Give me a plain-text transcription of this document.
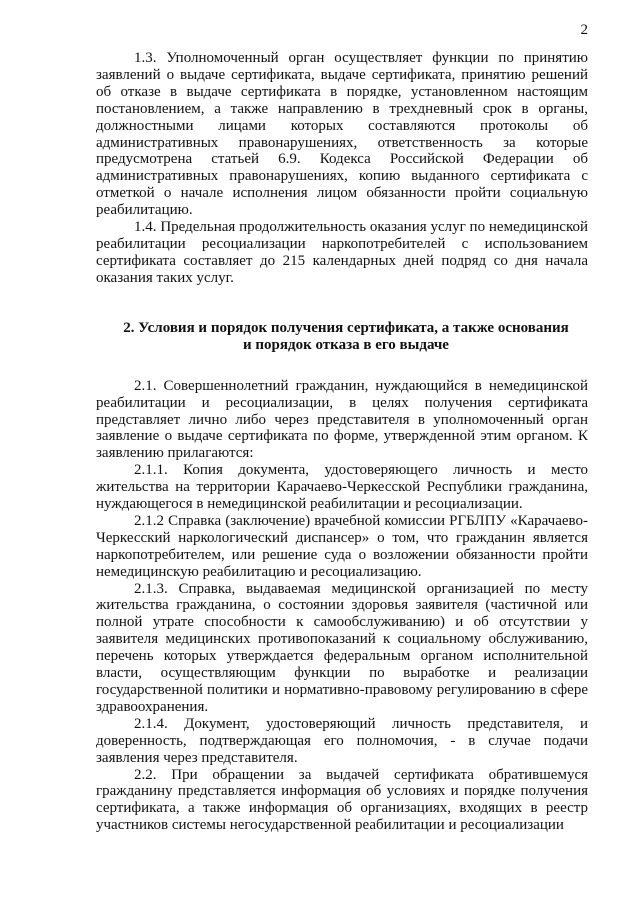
2

1.3. Уполномоченный орган осуществляет функции по принятию заявлений о выдаче сертификата, выдаче сертификата, принятию решений об отказе в выдаче сертификата в порядке, установленном настоящим постановлением, а также направлению в трехдневный срок в органы, должностными лицами которых составляются протоколы об административных правонарушениях, ответственность за которые предусмотрена статьей 6.9. Кодекса Российской Федерации об административных правонарушениях, копию выданного сертификата с отметкой о начале исполнения лицом обязанности пройти социальную реабилитацию.

1.4. Предельная продолжительность оказания услуг по немедицинской реабилитации ресоциализации наркопотребителей с использованием сертификата составляет до 215 календарных дней подряд со дня начала оказания таких услуг.

2. Условия и порядок получения сертификата, а также основания и порядок отказа в его выдаче

2.1. Совершеннолетний гражданин, нуждающийся в немедицинской реабилитации и ресоциализации, в целях получения сертификата представляет лично либо через представителя в уполномоченный орган заявление о выдаче сертификата по форме, утвержденной этим органом. К заявлению прилагаются:

2.1.1. Копия документа, удостоверяющего личность и место жительства на территории Карачаево-Черкесской Республики гражданина, нуждающегося в немедицинской реабилитации и ресоциализации.

2.1.2 Справка (заключение) врачебной комиссии РГБЛПУ «Карачаево-Черкесский наркологический диспансер» о том, что гражданин является наркопотребителем, или решение суда о возложении обязанности пройти немедицинскую реабилитацию и ресоциализацию.

2.1.3. Справка, выдаваемая медицинской организацией по месту жительства гражданина, о состоянии здоровья заявителя (частичной или полной утрате способности к самообслуживанию) и об отсутствии у заявителя медицинских противопоказаний к социальному обслуживанию, перечень которых утверждается федеральным органом исполнительной власти, осуществляющим функции по выработке и реализации государственной политики и нормативно-правовому регулированию в сфере здравоохранения.

2.1.4. Документ, удостоверяющий личность представителя, и доверенность, подтверждающая его полномочия, - в случае подачи заявления через представителя.

2.2. При обращении за выдачей сертификата обратившемуся гражданину представляется информация об условиях и порядке получения сертификата, а также информация об организациях, входящих в реестр участников системы негосударственной реабилитации и ресоциализации
